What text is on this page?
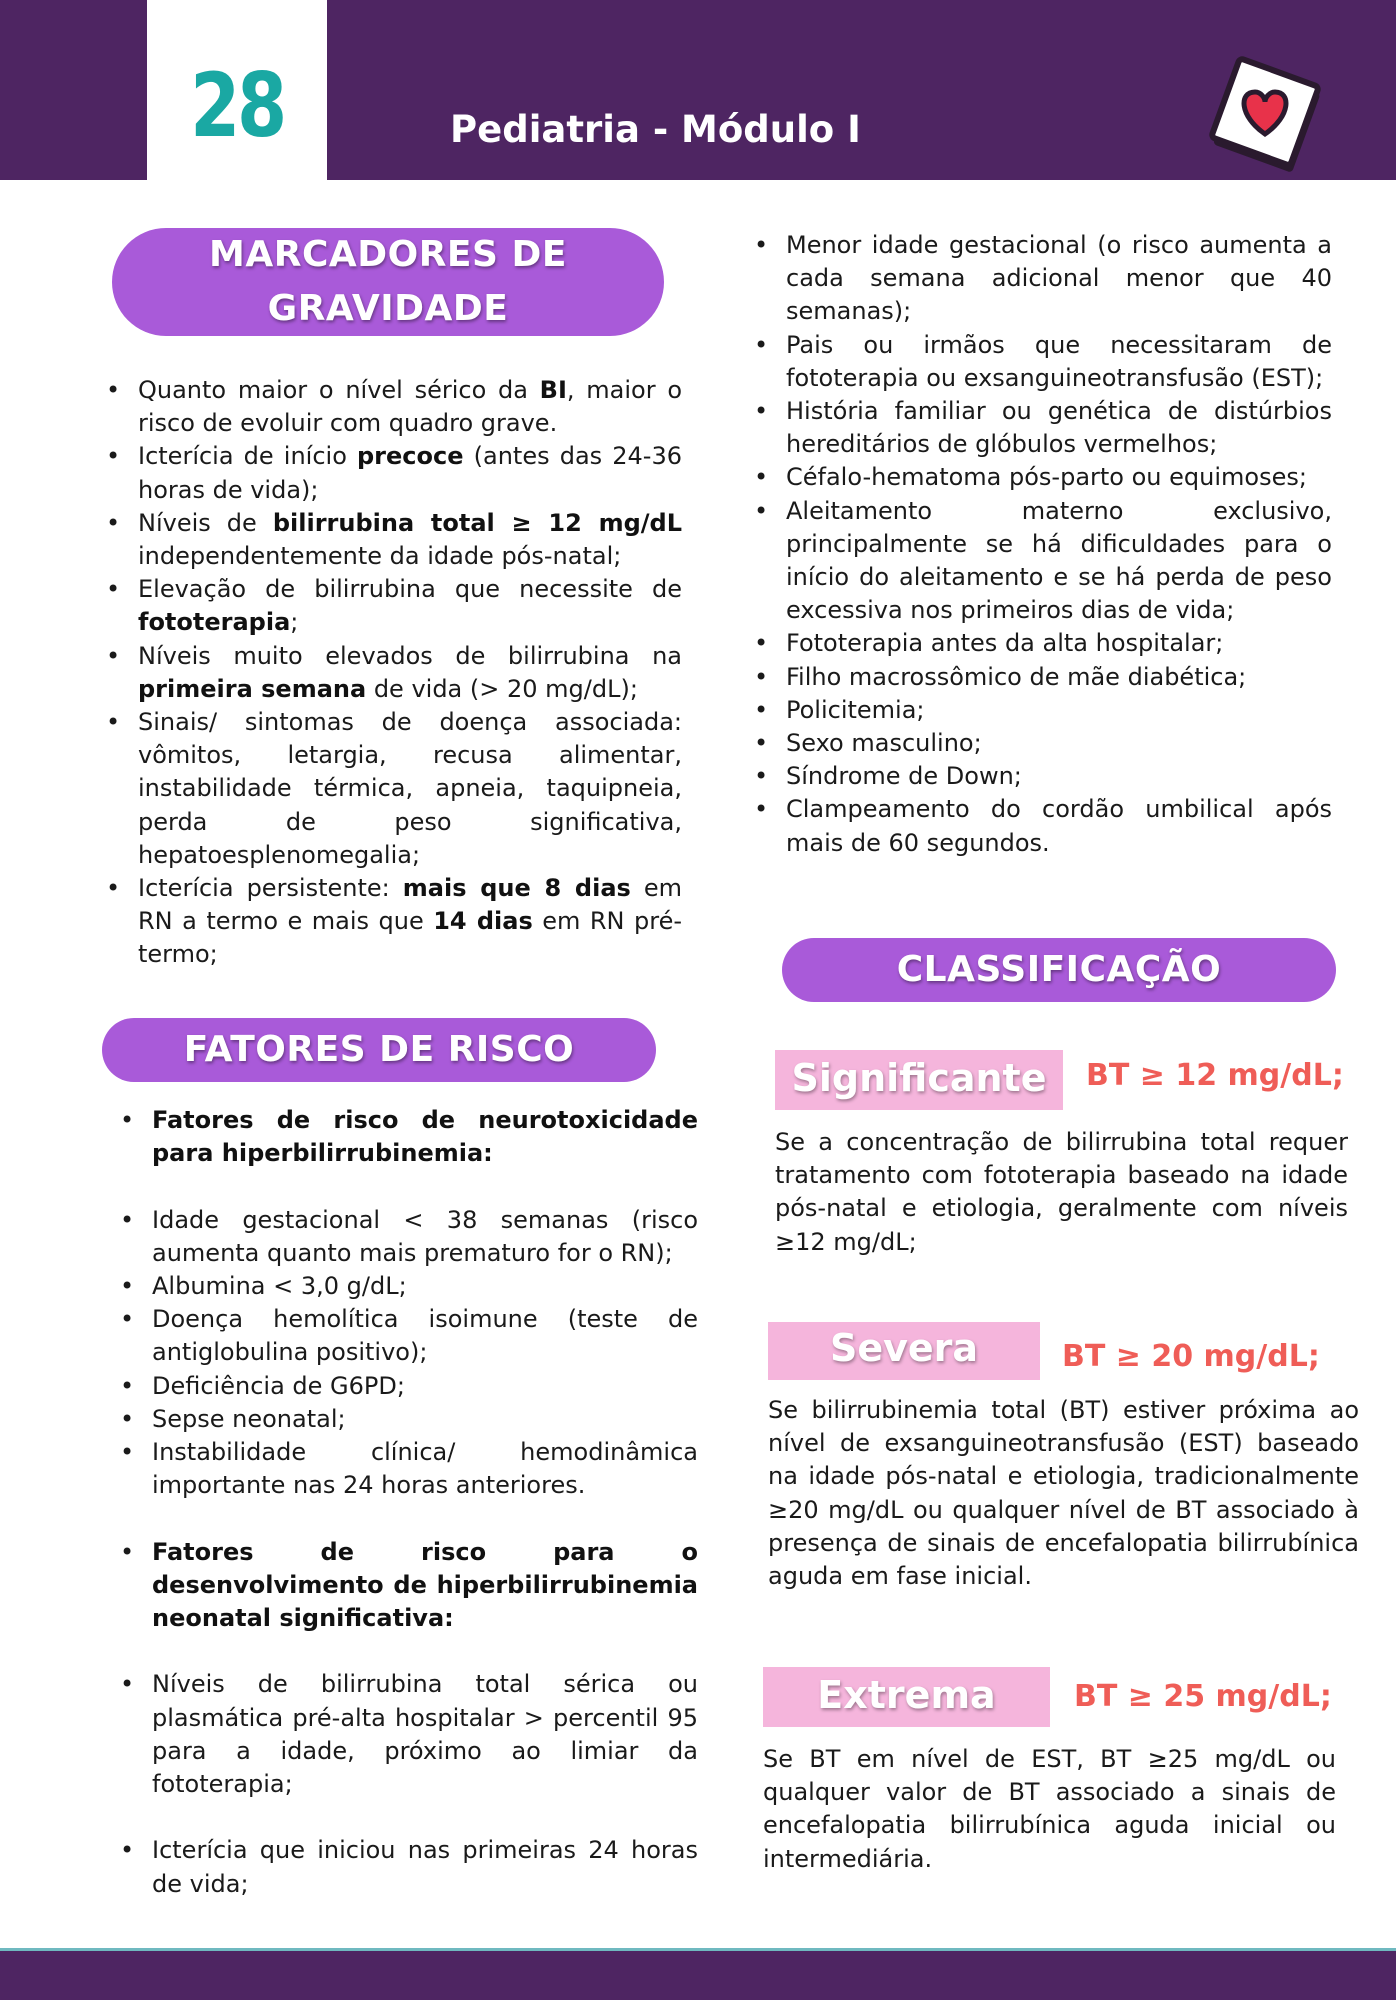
28	Pediatria - Módulo I
MARCADORES DE
GRAVIDADE
• Quanto maior o nível sérico da BI, maior o risco de evoluir com quadro grave.
• Icterícia de início precoce (antes das 24-36 horas de vida);
• Níveis de bilirrubina total ≥ 12 mg/dL independentemente da idade pós-natal;
• Elevação de bilirrubina que necessite de fototerapia;
• Níveis muito elevados de bilirrubina na primeira semana de vida (> 20 mg/dL);
• Sinais/ sintomas de doença associada: vômitos, letargia, recusa alimentar, instabilidade térmica, apneia, taquipneia, perda de peso significativa, hepatoesplenomegalia;
• Icterícia persistente: mais que 8 dias em RN a termo e mais que 14 dias em RN pré-termo;
FATORES DE RISCO
• Fatores de risco de neurotoxicidade para hiperbilirrubinemia:
• Idade gestacional < 38 semanas (risco aumenta quanto mais prematuro for o RN);
• Albumina < 3,0 g/dL;
• Doença hemolítica isoimune (teste de antiglobulina positivo);
• Deficiência de G6PD;
• Sepse neonatal;
• Instabilidade clínica/ hemodinâmica importante nas 24 horas anteriores.
• Fatores de risco para o desenvolvimento de hiperbilirrubinemia neonatal significativa:
• Níveis de bilirrubina total sérica ou plasmática pré-alta hospitalar > percentil 95 para a idade, próximo ao limiar da fototerapia;
• Icterícia que iniciou nas primeiras 24 horas de vida;
• Menor idade gestacional (o risco aumenta a cada semana adicional menor que 40 semanas);
• Pais ou irmãos que necessitaram de fototerapia ou exsanguineotransfusão (EST);
• História familiar ou genética de distúrbios hereditários de glóbulos vermelhos;
• Céfalo-hematoma pós-parto ou equimoses;
• Aleitamento materno exclusivo, principalmente se há dificuldades para o início do aleitamento e se há perda de peso excessiva nos primeiros dias de vida;
• Fototerapia antes da alta hospitalar;
• Filho macrossômico de mãe diabética;
• Policitemia;
• Sexo masculino;
• Síndrome de Down;
• Clampeamento do cordão umbilical após mais de 60 segundos.
CLASSIFICAÇÃO
Significante	BT ≥ 12 mg/dL;
Se a concentração de bilirrubina total requer tratamento com fototerapia baseado na idade pós-natal e etiologia, geralmente com níveis ≥12 mg/dL;
Severa	BT ≥ 20 mg/dL;
Se bilirrubinemia total (BT) estiver próxima ao nível de exsanguineotransfusão (EST) baseado na idade pós-natal e etiologia, tradicionalmente ≥20 mg/dL ou qualquer nível de BT associado à presença de sinais de encefalopatia bilirrubínica aguda em fase inicial.
Extrema	BT ≥ 25 mg/dL;
Se BT em nível de EST, BT ≥25 mg/dL ou qualquer valor de BT associado a sinais de encefalopatia bilirrubínica aguda inicial ou intermediária.
